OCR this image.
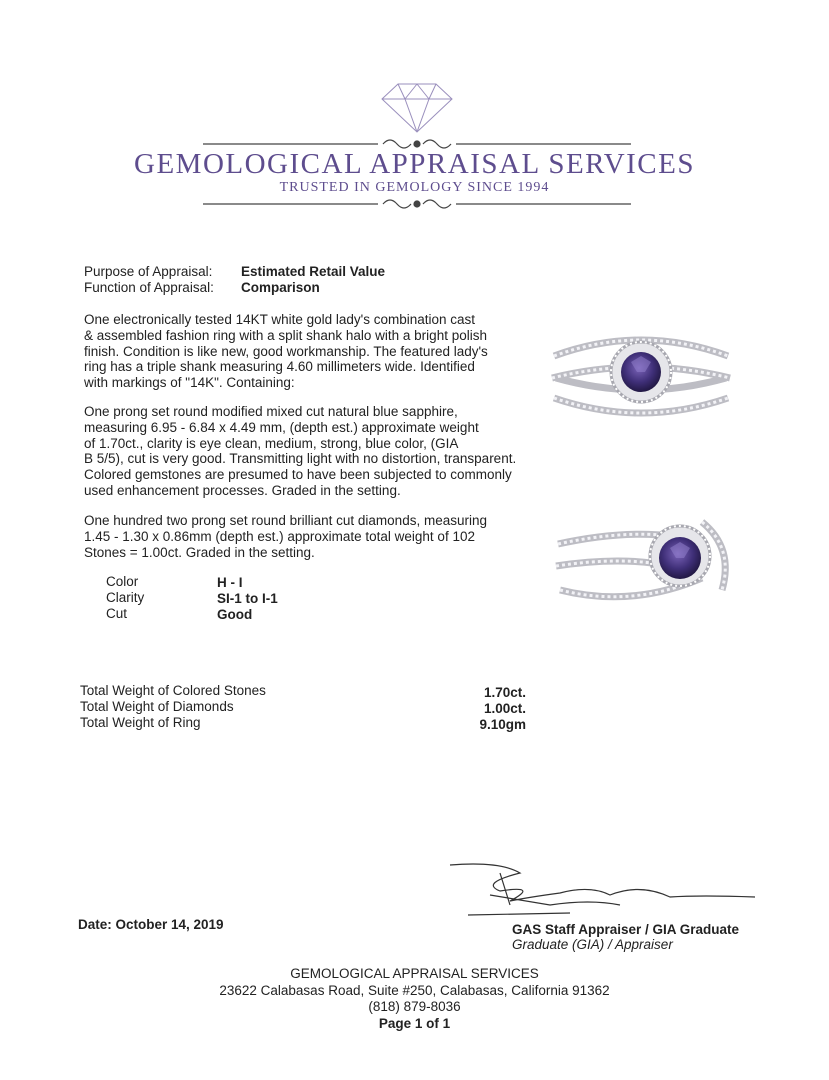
GEMOLOGICAL APPRAISAL SERVICES
TRUSTED IN GEMOLOGY SINCE 1994
Purpose of Appraisal: Estimated Retail Value
Function of Appraisal: Comparison
One electronically tested 14KT white gold lady's combination cast
& assembled fashion ring with a split shank halo with a bright polish
finish. Condition is like new, good workmanship. The featured lady's
ring has a triple shank measuring 4.60 millimeters wide. Identified
with markings of "14K". Containing:
One prong set round modified mixed cut natural blue sapphire,
measuring 6.95 - 6.84 x 4.49 mm, (depth est.) approximate weight
of 1.70ct., clarity is eye clean, medium, strong, blue color, (GIA
B 5/5), cut is very good. Transmitting light with no distortion, transparent.
Colored gemstones are presumed to have been subjected to commonly
used enhancement processes. Graded in the setting.
One hundred two prong set round brilliant cut diamonds, measuring
1.45 - 1.30 x 0.86mm (depth est.) approximate total weight of 102
Stones = 1.00ct. Graded in the setting.
Color	H - I
Clarity	SI-1 to I-1
Cut	Good
Total Weight of Colored Stones	1.70ct.
Total Weight of Diamonds	1.00ct.
Total Weight of Ring	9.10gm
GAS Staff Appraiser / GIA Graduate
Graduate (GIA) / Appraiser
Date: October 14, 2019
GEMOLOGICAL APPRAISAL SERVICES
23622 Calabasas Road, Suite #250, Calabasas, California 91362
(818) 879-8036
Page 1 of 1
